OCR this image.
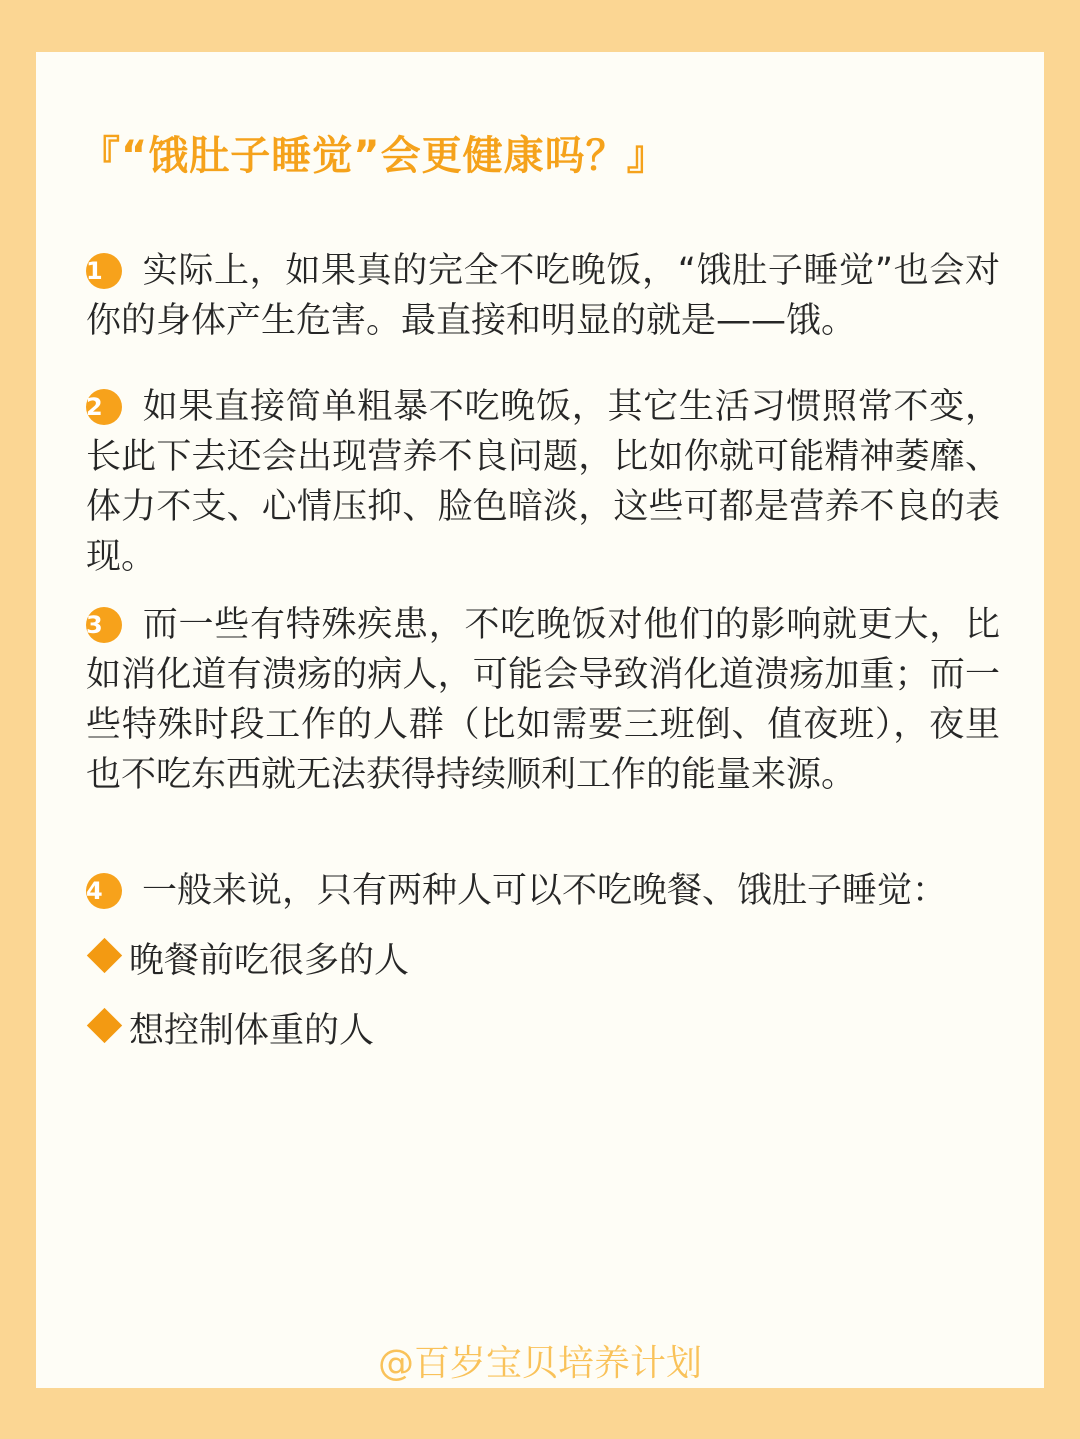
『“饿肚子睡觉”会更健康吗？』

1 实际上，如果真的完全不吃晚饭，“饿肚子睡觉”也会对你的身体产生危害。最直接和明显的就是——饿。

2 如果直接简单粗暴不吃晚饭，其它生活习惯照常不变，长此下去还会出现营养不良问题，比如你就可能精神萎靡、体力不支、心情压抑、脸色暗淡，这些可都是营养不良的表现。

3 而一些有特殊疾患，不吃晚饭对他们的影响就更大，比如消化道有溃疡的病人，可能会导致消化道溃疡加重；而一些特殊时段工作的人群（比如需要三班倒、值夜班），夜里也不吃东西就无法获得持续顺利工作的能量来源。

4 一般来说，只有两种人可以不吃晚餐、饿肚子睡觉：

晚餐前吃很多的人

想控制体重的人

@百岁宝贝培养计划
